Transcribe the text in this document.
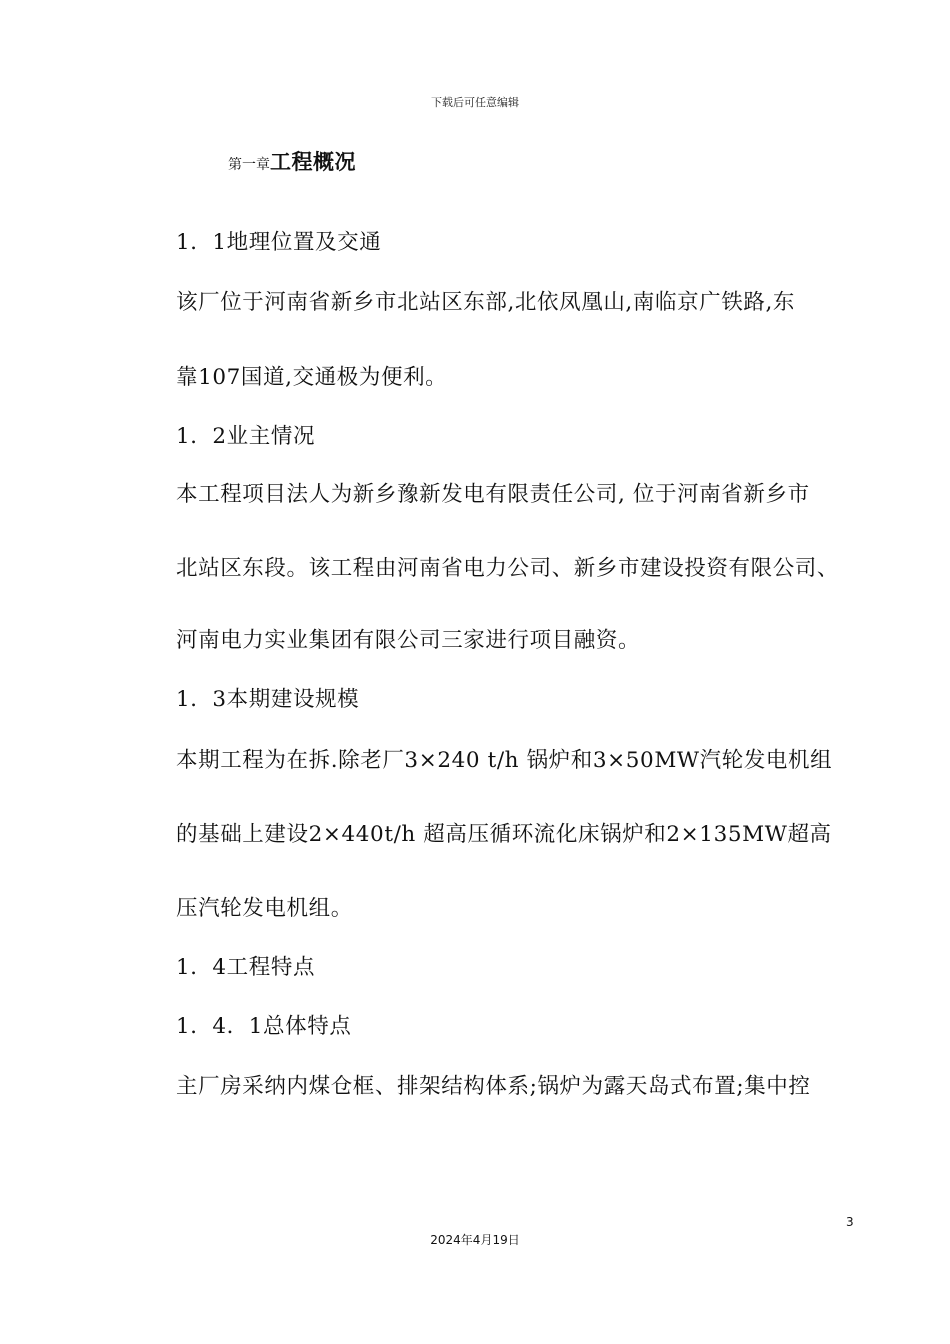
下载后可任意编辑
第一章工程概况
1．1地理位置及交通
该厂位于河南省新乡市北站区东部,北依凤凰山,南临京广铁路,东
靠107国道,交通极为便利。
1．2业主情况
本工程项目法人为新乡豫新发电有限责任公司, 位于河南省新乡市
北站区东段。该工程由河南省电力公司、新乡市建设投资有限公司、
河南电力实业集团有限公司三家进行项目融资。
1．3本期建设规模
本期工程为在拆.除老厂3×240 t/h 锅炉和3×50MW汽轮发电机组
的基础上建设2×440t/h 超高压循环流化床锅炉和2×135MW超高
压汽轮发电机组。
1．4工程特点
1．4．1总体特点
主厂房采纳内煤仓框、排架结构体系;锅炉为露天岛式布置;集中控
3
2024年4月19日
